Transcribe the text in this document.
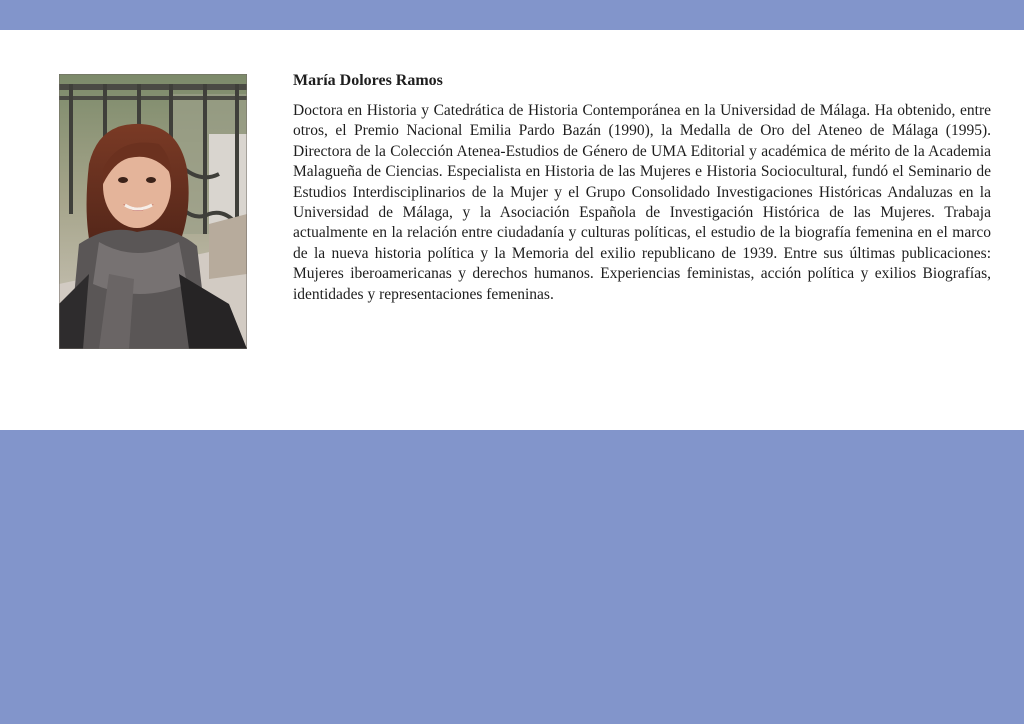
María Dolores Ramos

Doctora en Historia y Catedrática de Historia Contemporánea en la Universidad de Málaga. Ha obtenido, entre otros, el Premio Nacional Emilia Pardo Bazán (1990), la Medalla de Oro del Ateneo de Málaga (1995). Directora de la Colección Atenea-Estudios de Género de UMA Editorial y académica de mérito de la Academia Malagueña de Ciencias. Especialista en Historia de las Mujeres e Historia Sociocultural, fundó el Seminario de Estudios Interdisciplinarios de la Mujer y el Grupo Consolidado Investigaciones Históricas Andaluzas en la Universidad de Málaga, y la Asociación Española de Investigación Histórica de las Mujeres. Trabaja actualmente en la relación entre ciudadanía y culturas políticas, el estudio de la biografía femenina en el marco de la nueva historia política y la Memoria del exilio republicano de 1939. Entre sus últimas publicaciones: Mujeres iberoamericanas y derechos humanos. Experiencias feministas, acción política y exilios Biografías, identidades y representaciones femeninas.
